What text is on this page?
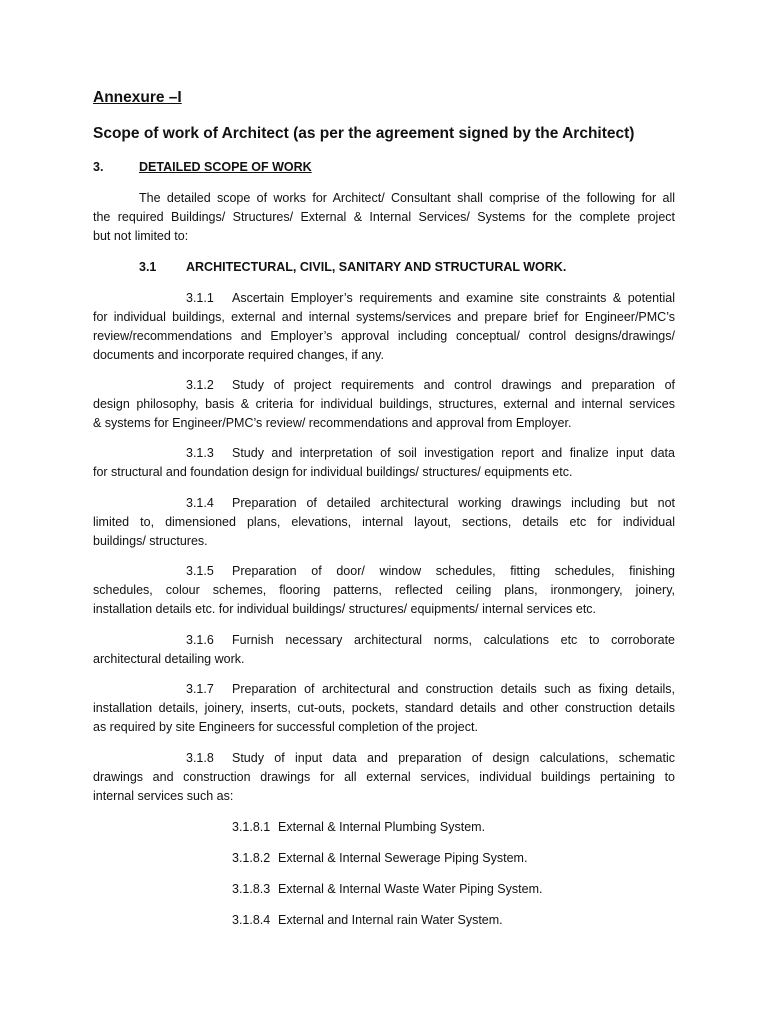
Annexure –I
Scope of work of Architect (as per the agreement signed by the Architect)
3.	DETAILED SCOPE OF WORK
The detailed scope of works for Architect/ Consultant shall comprise of the following for all
the required Buildings/ Structures/ External & Internal Services/ Systems for the complete project
but not limited to:
3.1 ARCHITECTURAL, CIVIL, SANITARY AND STRUCTURAL WORK.
3.1.1 Ascertain Employer’s requirements and examine site constraints & potential
for individual buildings, external and internal systems/services and prepare brief for Engineer/PMC’s
review/recommendations and Employer’s approval including conceptual/ control designs/drawings/
documents and incorporate required changes, if any.
3.1.2 Study of project requirements and control drawings and preparation of
design philosophy, basis & criteria for individual buildings, structures, external and internal services
& systems for Engineer/PMC’s review/ recommendations and approval from Employer.
3.1.3 Study and interpretation of soil investigation report and finalize input data
for structural and foundation design for individual buildings/ structures/ equipments etc.
3.1.4 Preparation of detailed architectural working drawings including but not
limited to, dimensioned plans, elevations, internal layout, sections, details etc for individual
buildings/ structures.
3.1.5 Preparation of door/ window schedules, fitting schedules, finishing
schedules, colour schemes, flooring patterns, reflected ceiling plans, ironmongery, joinery,
installation details etc. for individual buildings/ structures/ equipments/ internal services etc.
3.1.6 Furnish necessary architectural norms, calculations etc to corroborate
architectural detailing work.
3.1.7 Preparation of architectural and construction details such as fixing details,
installation details, joinery, inserts, cut-outs, pockets, standard details and other construction details
as required by site Engineers for successful completion of the project.
3.1.8 Study of input data and preparation of design calculations, schematic
drawings and construction drawings for all external services, individual buildings pertaining to
internal services such as:
3.1.8.1 External & Internal Plumbing System.
3.1.8.2 External & Internal Sewerage Piping System.
3.1.8.3 External & Internal Waste Water Piping System.
3.1.8.4 External and Internal rain Water System.
